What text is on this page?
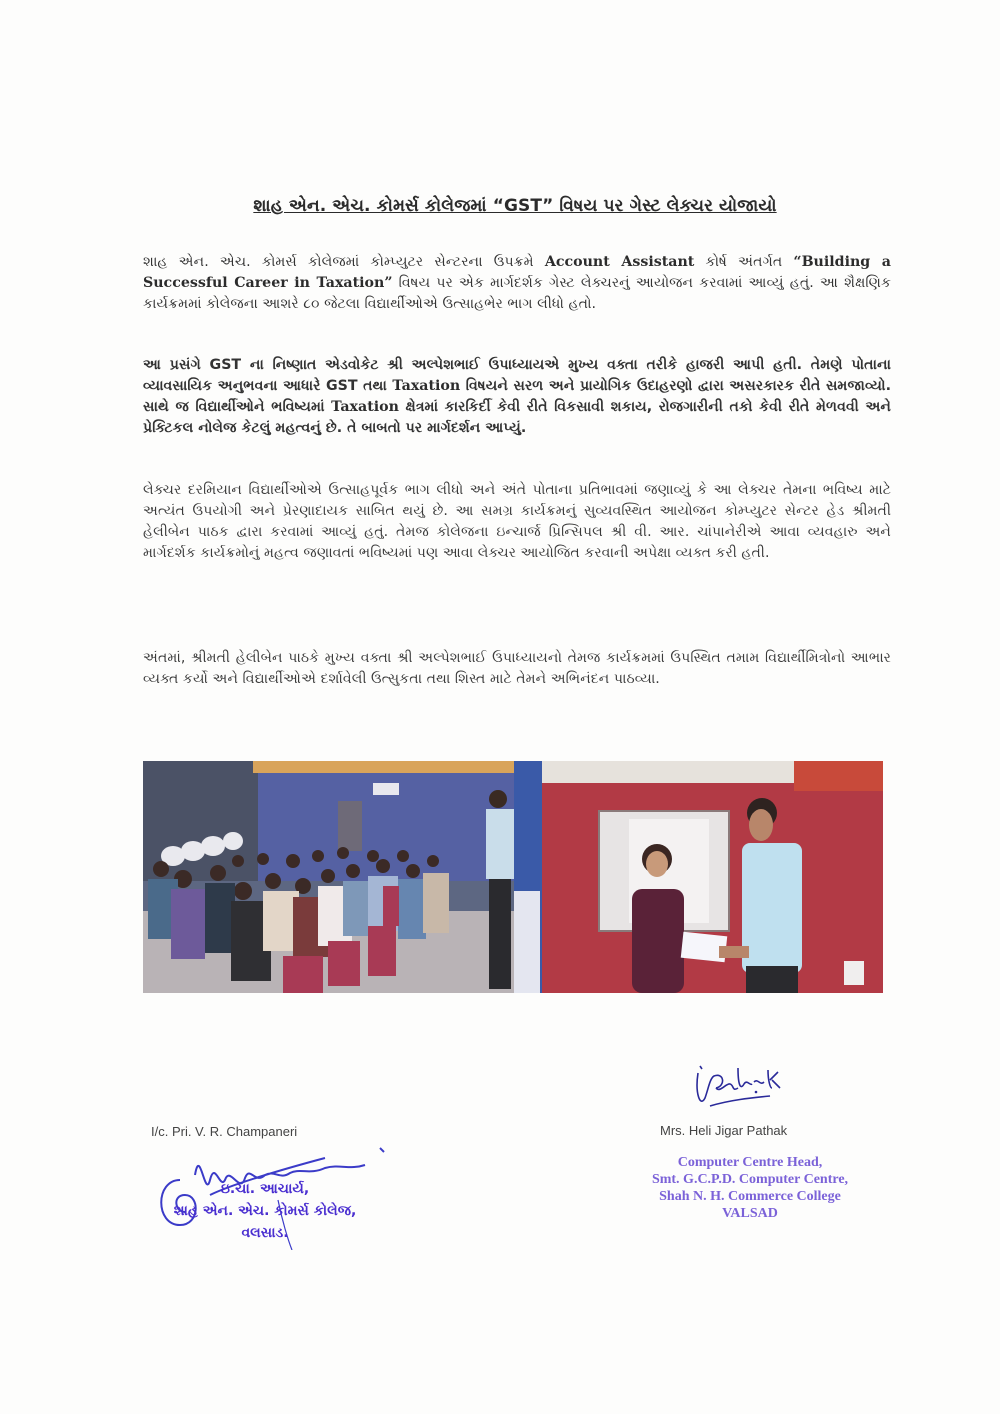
શાહ એન. એચ. કોમર્સ કોલેજમાં “GST” વિષય પર ગેસ્ટ લેક્ચર યોજાયો

શાહ એન. એચ. કોમર્સ કોલેજમાં કોમ્પ્યુટર સેન્ટરના ઉપક્રમે Account Assistant કોર્ષ અંતર્ગત “Building a Successful Career in Taxation” વિષય પર એક માર્ગદર્શક ગેસ્ટ લેક્ચરનું આયોજન કરવામાં આવ્યું હતું. આ શૈક્ષણિક કાર્યક્રમમાં કોલેજના આશરે ૮૦ જેટલા વિદ્યાર્થીઓએ ઉત્સાહભેર ભાગ લીધો હતો.

આ પ્રસંગે GST ના નિષ્ણાત એડવોકેટ શ્રી અલ્પેશભાઈ ઉપાધ્યાયએ મુખ્ય વક્તા તરીકે હાજરી આપી હતી. તેમણે પોતાના વ્યાવસાયિક અનુભવના આધારે GST તથા Taxation વિષયને સરળ અને પ્રાયોગિક ઉદાહરણો દ્વારા અસરકારક રીતે સમજાવ્યો. સાથે જ વિદ્યાર્થીઓને ભવિષ્યમાં Taxation ક્ષેત્રમાં કારકિર્દી કેવી રીતે વિકસાવી શકાય, રોજગારીની તકો કેવી રીતે મેળવવી અને પ્રેક્ટિકલ નોલેજ કેટલું મહત્વનું છે. તે બાબતો પર માર્ગદર્શન આપ્યું.

લેક્ચર દરમિયાન વિદ્યાર્થીઓએ ઉત્સાહપૂર્વક ભાગ લીધો અને અંતે પોતાના પ્રતિભાવમાં જણાવ્યું કે આ લેક્ચર તેમના ભવિષ્ય માટે અત્યંત ઉપયોગી અને પ્રેરણાદાયક સાબિત થયું છે. આ સમગ્ર કાર્યક્રમનું સુવ્યવસ્થિત આયોજન કોમ્પ્યુટર સેન્ટર હેડ શ્રીમતી હેલીબેન પાઠક દ્વારા કરવામાં આવ્યું હતું. તેમજ કોલેજના ઇન્ચાર્જ પ્રિન્સિપલ શ્રી વી. આર. ચાંપાનેરીએ આવા વ્યવહારુ અને માર્ગદર્શક કાર્યક્રમોનું મહત્વ જણાવતાં ભવિષ્યમાં પણ આવા લેક્ચર આયોજિત કરવાની અપેક્ષા વ્યક્ત કરી હતી.

અંતમાં, શ્રીમતી હેલીબેન પાઠકે મુખ્ય વક્તા શ્રી અલ્પેશભાઈ ઉપાધ્યાયનો તેમજ કાર્યક્રમમાં ઉપસ્થિત તમામ વિદ્યાર્થીમિત્રોનો આભાર વ્યક્ત કર્યો અને વિદ્યાર્થીઓએ દર્શાવેલી ઉત્સુકતા તથા શિસ્ત માટે તેમને અભિનંદન પાઠવ્યા.

I/c. Pri. V. R. Champaneri
ઇ.ચા. આચાર્ય,
શાહ એન. એચ. કોમર્સ કોલેજ,
વલસાડ.
Mrs. Heli Jigar Pathak
Computer Centre Head,
Smt. G.C.P.D. Computer Centre,
Shah N. H. Commerce College
VALSAD
